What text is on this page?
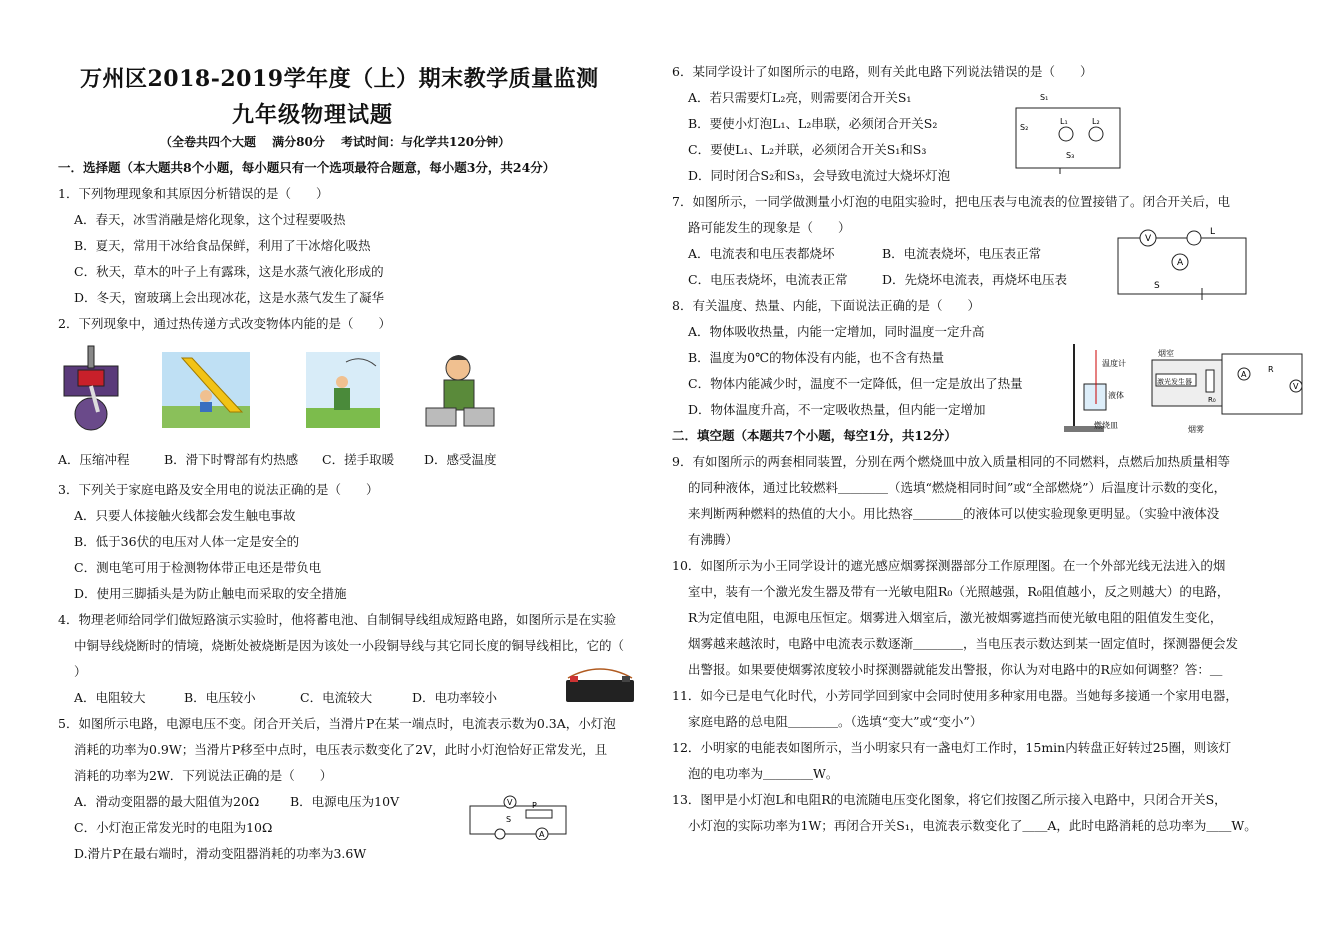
万州区2018-2019学年度（上）期末教学质量监测
九年级物理试题
（全卷共四个大题　 满分80分　 考试时间：与化学共120分钟）
一．选择题（本大题共8个小题，每小题只有一个选项最符合题意，每小题3分，共24分）
1．下列物理现象和其原因分析错误的是（　　）
A．春天，冰雪消融是熔化现象，这个过程要吸热
B．夏天，常用干冰给食品保鲜，利用了干冰熔化吸热
C．秋天，草木的叶子上有露珠，这是水蒸气液化形成的
D．冬天，窗玻璃上会出现冰花，这是水蒸气发生了凝华
2．下列现象中，通过热传递方式改变物体内能的是（　　）
A．压缩冲程	B．滑下时臀部有灼热感 C．搓手取暖 D．感受温度
3．下列关于家庭电路及安全用电的说法正确的是（　　）
A．只要人体接触火线都会发生触电事故
B．低于36伏的电压对人体一定是安全的
C．测电笔可用于检测物体带正电还是带负电
D．使用三脚插头是为防止触电而采取的安全措施
4．物理老师给同学们做短路演示实验时，他将蓄电池、自制铜导线组成短路电路，如图所示是在实验
中铜导线烧断时的情境，烧断处被烧断是因为该处一小段铜导线与其它同长度的铜导线相比，它的（
）
A．电阻较大	B．电压较小	C．电流较大	D．电功率较小
5．如图所示电路，电源电压不变。闭合开关后，当滑片P在某一端点时，电流表示数为0.3A，小灯泡
消耗的功率为0.9W；当滑片P移至中点时，电压表示数变化了2V，此时小灯泡恰好正常发光，且
消耗的功率为2W．下列说法正确的是（　　）
A．滑动变阻器的最大阻值为20Ω B．电源电压为10V
C．小灯泡正常发光时的电阻为10Ω
D.滑片P在最右端时，滑动变阻器消耗的功率为3.6W
V P
S
A
6．某同学设计了如图所示的电路，则有关此电路下列说法错误的是（　　）
A．若只需要灯L₂亮，则需要闭合开关S₁
B．要使小灯泡L₁、L₂串联，必须闭合开关S₂
C．要使L₁、L₂并联，必须闭合开关S₁和S₃
D．同时闭合S₂和S₃，会导致电流过大烧坏灯泡
S₁
S₂
S₃
L₁	L₂
7．如图所示，一同学做测量小灯泡的电阻实验时，把电压表与电流表的位置接错了。闭合开关后，电
路可能发生的现象是（　　）
A．电流表和电压表都烧坏	B．电流表烧坏，电压表正常
C．电压表烧坏，电流表正常	D．先烧坏电流表，再烧坏电压表
V
L
A
S
8．有关温度、热量、内能，下面说法正确的是（　　）
A．物体吸收热量，内能一定增加，同时温度一定升高
B．温度为0℃的物体没有内能，也不含有热量
C．物体内能减少时，温度不一定降低，但一定是放出了热量
D．物体温度升高，不一定吸收热量，但内能一定增加
温度计
液体
燃烧皿
烟室
激光发生器
R₀
A
R
V
烟雾
二．填空题（本题共7个小题，每空1分，共12分）
9．有如图所示的两套相同装置，分别在两个燃烧皿中放入质量相同的不同燃料，点燃后加热质量相等
的同种液体，通过比较燃料＿＿＿＿（选填“燃烧相同时间”或“全部燃烧”）后温度计示数的变化，
来判断两种燃料的热值的大小。用比热容＿＿＿＿的液体可以使实验现象更明显。（实验中液体没
有沸腾）
10．如图所示为小王同学设计的遮光感应烟雾探测器部分工作原理图。在一个外部光线无法进入的烟
室中，装有一个激光发生器及带有一光敏电阻R₀（光照越强，R₀阻值越小，反之则越大）的电路，
R为定值电阻，电源电压恒定。烟雾进入烟室后，激光被烟雾遮挡而使光敏电阻的阻值发生变化，
烟雾越来越浓时，电路中电流表示数逐渐＿＿＿＿，当电压表示数达到某一固定值时，探测器便会发
出警报。如果要使烟雾浓度较小时探测器就能发出警报，你认为对电路中的R应如何调整？答：＿
11．如今已是电气化时代，小芳同学回到家中会同时使用多种家用电器。当她每多接通一个家用电器，
家庭电路的总电阻＿＿＿＿。（选填“变大”或“变小”）
12．小明家的电能表如图所示，当小明家只有一盏电灯工作时，15min内转盘正好转过25圈，则该灯
泡的电功率为＿＿＿＿W。
13．图甲是小灯泡L和电阻R的电流随电压变化图象，将它们按图乙所示接入电路中，只闭合开关S，
小灯泡的实际功率为1W；再闭合开关S₁，电流表示数变化了＿＿A，此时电路消耗的总功率为＿＿W。
